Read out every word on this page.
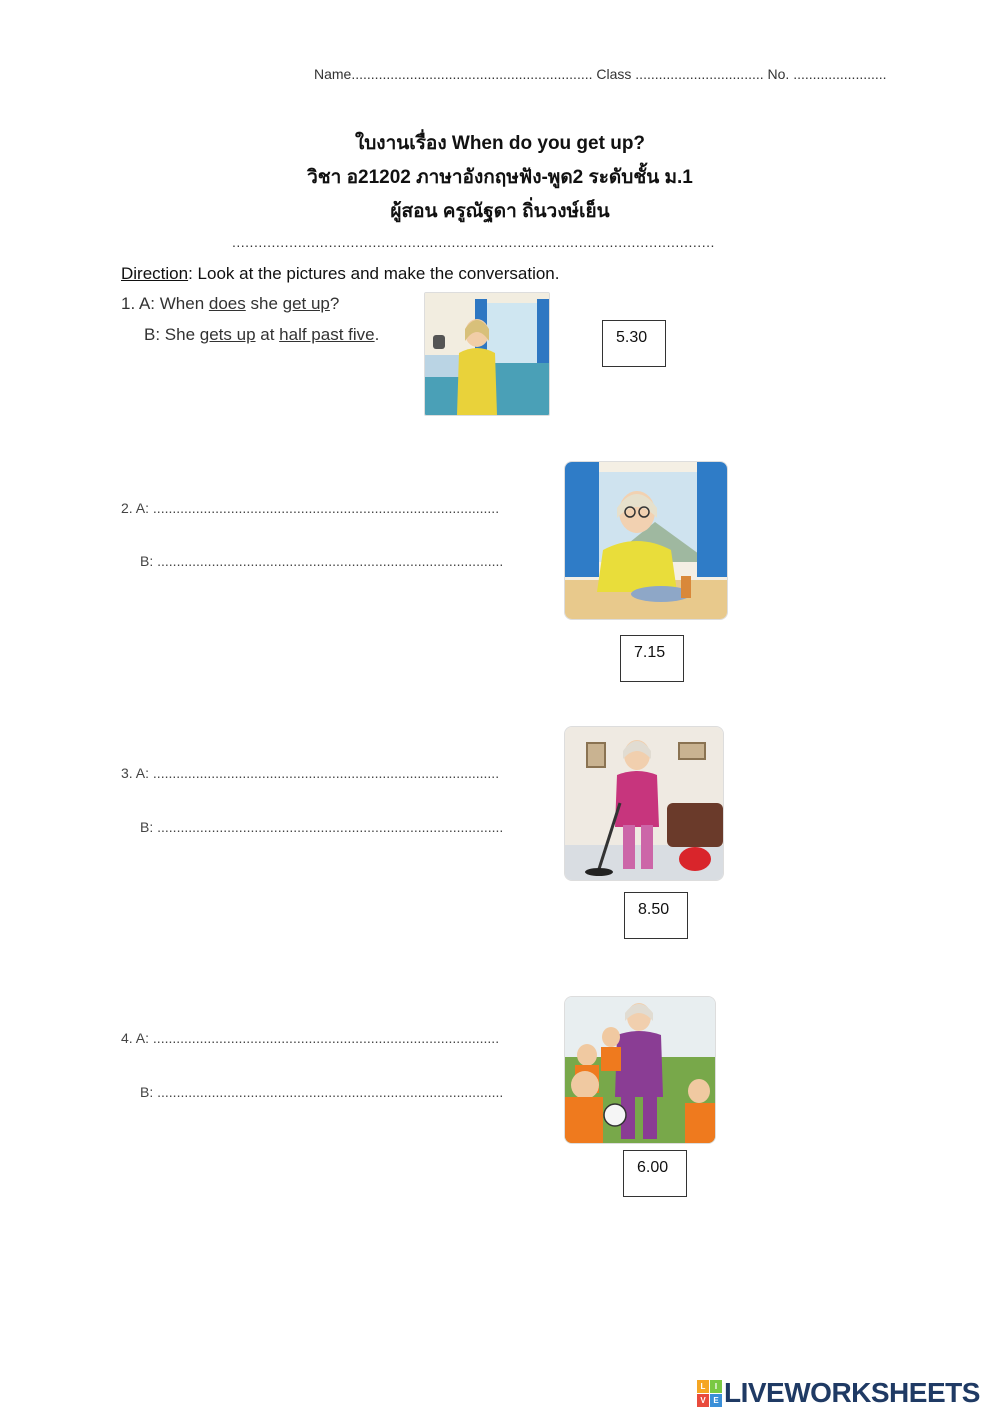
Name.............................................................. Class ................................. No. ........................
ใบงานเรื่อง When do you get up?
วิชา อ21202 ภาษาอังกฤษฟัง-พูด2 ระดับชั้น ม.1
ผู้สอน ครูณัฐดา ถิ่นวงษ์เย็น
..............................................................................................................
Direction: Look at the pictures and make the conversation.
1. A: When does she get up?
B: She gets up at half past five.	5.30
2. A: .........................................................................................
B: .........................................................................................
7.15
3. A: .........................................................................................
B: .........................................................................................
8.50
4. A: .........................................................................................
B: .........................................................................................
6.00
L	I
V E LIVEWORKSHEETS
